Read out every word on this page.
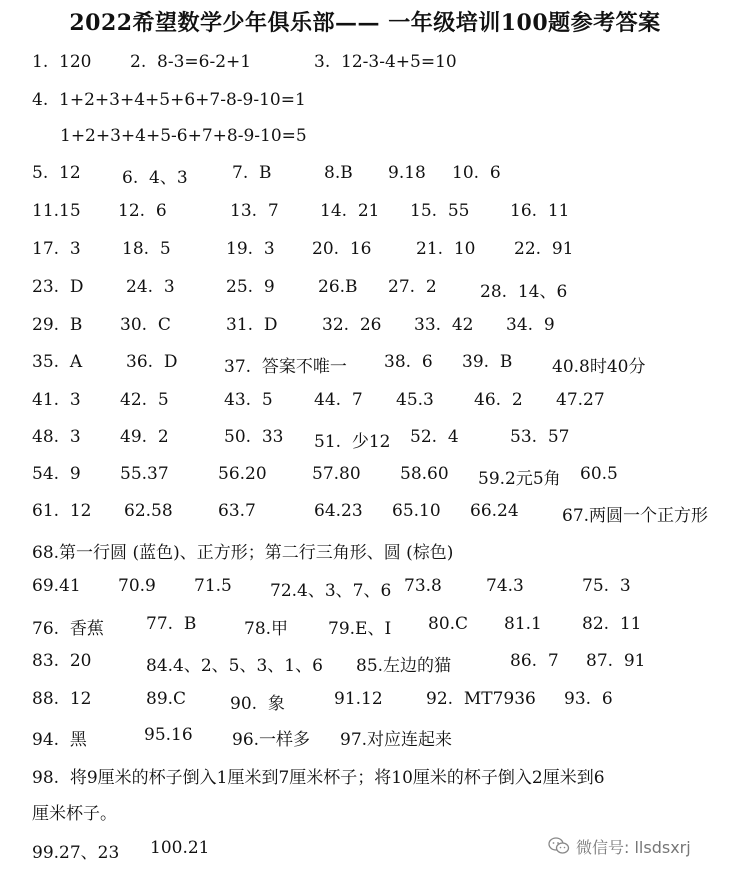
2022希望数学少年俱乐部—— 一年级培训100题参考答案
1.  120 2.  8-3=6-2+1	3.  12-3-4+5=10
4.  1+2+3+4+5+6+7-8-9-10=1
1+2+3+4+5-6+7+8-9-10=5
5.  12 6.  4、3	7.  B	8.B 9.18 10.  6
11.15 12.  6	13.  7 14.  21 15.  55 16.  11
17.  3 18.  5	19.  3 20.  16	21.  10 22.  91
23.  D	24.  3	25.  9	26.B 27.  2	28.  14、6
29.  B 30.  C	31.  D	32.  26 33.  42 34.  9
35.  A	36.  D	37.  答案不唯一 38.  6 39.  B 40.8时40分
41.  3 42.  5	43.  5 44.  7 45.3 46.  2 47.27
48.  3 49.  2	50.  33 51.  少12 52.  4	53.  57
54.  9 55.37	56.20	57.80 58.60 59.2元5角 60.5
61.  12 62.58	63.7	64.23 65.10 66.24	67.两圆一个正方形
68.第一行圆 (蓝色)、正方形；第二行三角形、圆 (棕色)
69.41 70.9 71.5 72.4、3、7、6 73.8	74.3	75.  3
76.  香蕉 77.  B	78.甲 79.E、I 80.C 81.1 82.  11
83.  20	84.4、2、5、3、1、6 85.左边的猫	86.  7 87.  91
88.  12	89.C	90.  象	91.12	92.  MT7936 93.  6
94.  黑	95.16 96.一样多 97.对应连起来
98.  将9厘米的杯子倒入1厘米到7厘米杯子；将10厘米的杯子倒入2厘米到6
厘米杯子。
99.27、23 100.21	微信号: llsdsxrj
